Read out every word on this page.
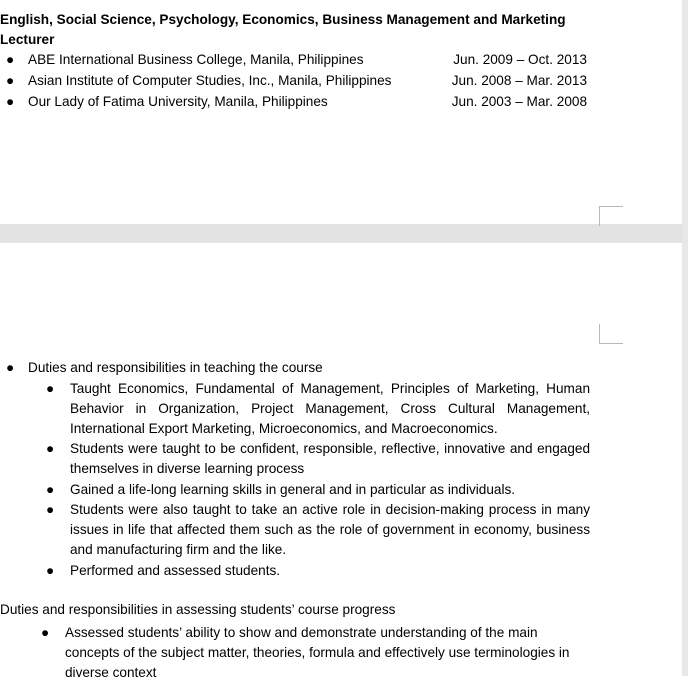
English, Social Science, Psychology, Economics, Business Management and Marketing Lecturer
● ABE International Business College, Manila, Philippines	Jun. 2009 – Oct. 2013
● Asian Institute of Computer Studies, Inc., Manila, Philippines	Jun. 2008 – Mar. 2013
● Our Lady of Fatima University, Manila, Philippines	Jun. 2003 – Mar. 2008
● Duties and responsibilities in teaching the course
● Taught Economics, Fundamental of Management, Principles of Marketing, Human Behavior in Organization, Project Management, Cross Cultural Management, International Export Marketing, Microeconomics, and Macroeconomics.
● Students were taught to be confident, responsible, reflective, innovative and engaged themselves in diverse learning process
● Gained a life-long learning skills in general and in particular as individuals.
● Students were also taught to take an active role in decision-making process in many issues in life that affected them such as the role of government in economy, business and manufacturing firm and the like.
● Performed and assessed students.
Duties and responsibilities in assessing students’ course progress
● Assessed students’ ability to show and demonstrate understanding of the main concepts of the subject matter, theories, formula and effectively use terminologies in diverse context
